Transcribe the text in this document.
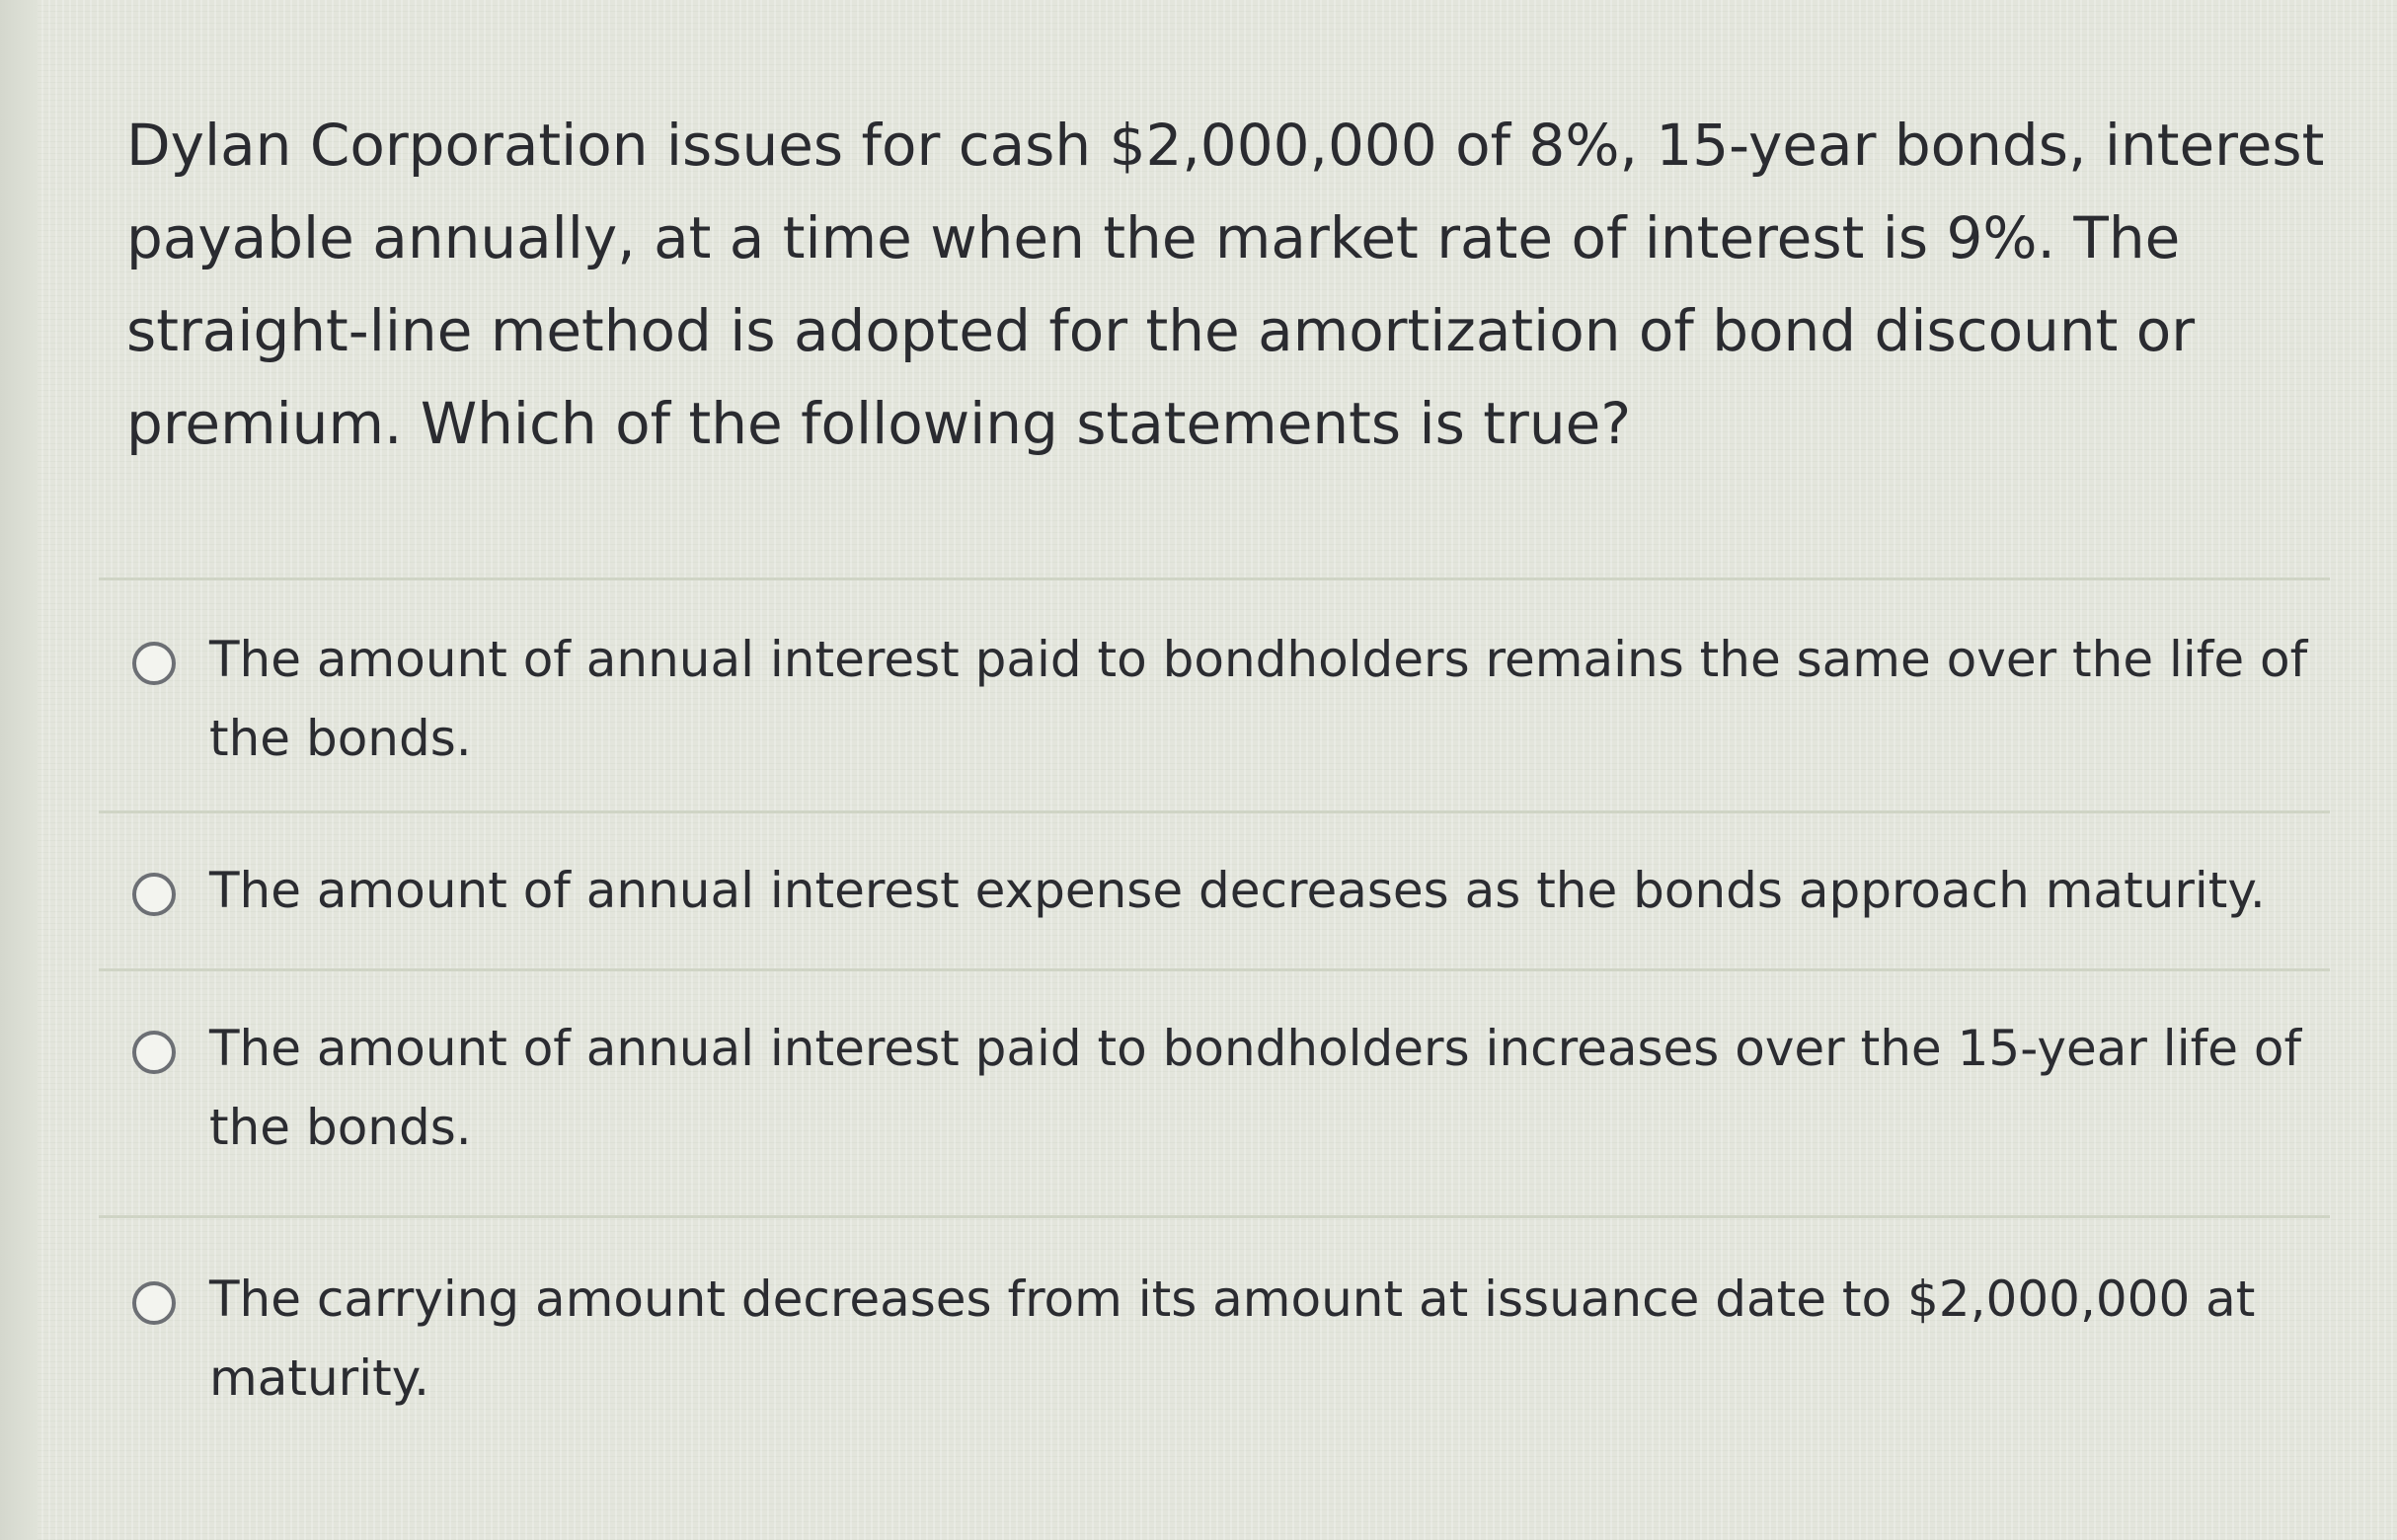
Dylan Corporation issues for cash $2,000,000 of 8%, 15-year bonds, interest
payable annually, at a time when the market rate of interest is 9%. The
straight-line method is adopted for the amortization of bond discount or
premium. Which of the following statements is true?
The amount of annual interest paid to bondholders remains the same over the life of
the bonds.
The amount of annual interest expense decreases as the bonds approach maturity.
The amount of annual interest paid to bondholders increases over the 15-year life of
the bonds.
The carrying amount decreases from its amount at issuance date to $2,000,000 at
maturity.
